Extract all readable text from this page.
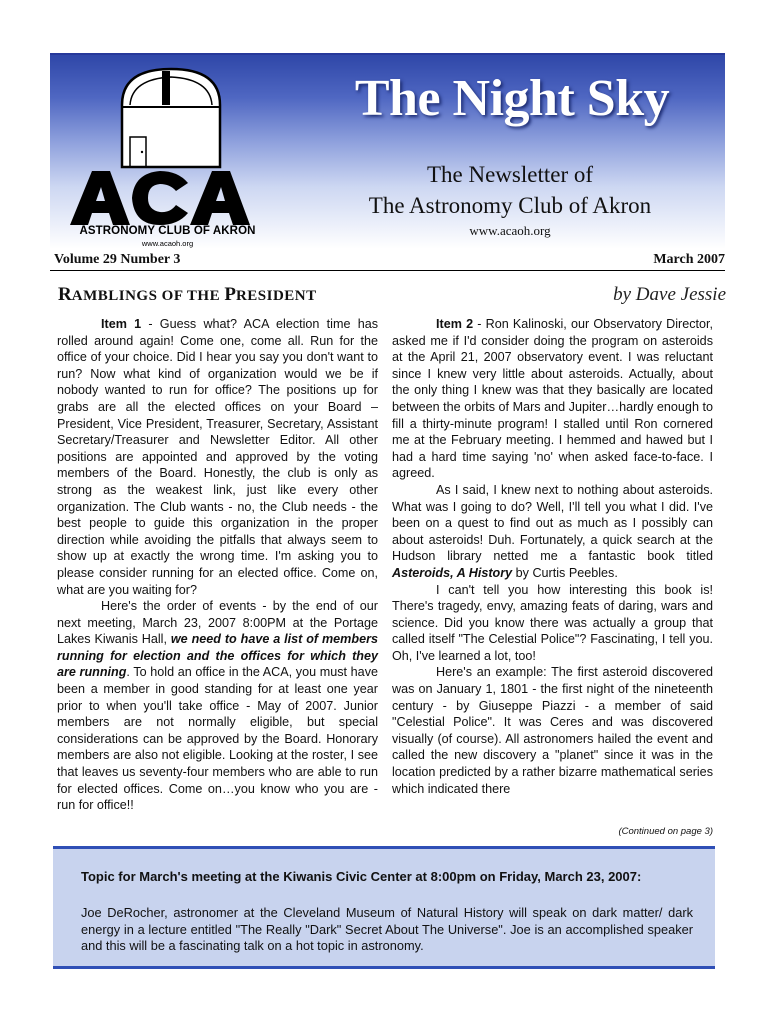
ASTRONOMY CLUB OF AKRON
www.acaoh.org
The Night Sky
The Newsletter of
The Astronomy Club of Akron
www.acaoh.org
Volume 29 Number 3	March 2007
RAMBLINGS OF THE PRESIDENT	by Dave Jessie

Item 1 - Guess what? ACA election time has rolled around again! Come one, come all. Run for the office of your choice. Did I hear you say you don't want to run? Now what kind of organization would we be if nobody wanted to run for office? The positions up for grabs are all the elected offices on your Board – President, Vice President, Treasurer, Secretary, Assistant Secretary/Treasurer and Newsletter Editor. All other positions are appointed and approved by the voting members of the Board. Honestly, the club is only as strong as the weakest link, just like every other organization. The Club wants - no, the Club needs - the best people to guide this organization in the proper direction while avoiding the pitfalls that always seem to show up at exactly the wrong time. I'm asking you to please consider running for an elected office. Come on, what are you waiting for?

Here's the order of events - by the end of our next meeting, March 23, 2007 8:00PM at the Portage Lakes Kiwanis Hall, we need to have a list of members running for election and the offices for which they are running. To hold an office in the ACA, you must have been a member in good standing for at least one year prior to when you'll take office - May of 2007. Junior members are not normally eligible, but special considerations can be approved by the Board. Honorary members are also not eligible. Looking at the roster, I see that leaves us seventy-four members who are able to run for elected offices. Come on…you know who you are - run for office!!

Item 2 - Ron Kalinoski, our Observatory Director, asked me if I'd consider doing the program on asteroids at the April 21, 2007 observatory event. I was reluctant since I knew very little about asteroids. Actually, about the only thing I knew was that they basically are located between the orbits of Mars and Jupiter…hardly enough to fill a thirty-minute program! I stalled until Ron cornered me at the February meeting. I hemmed and hawed but I had a hard time saying 'no' when asked face-to-face. I agreed.

As I said, I knew next to nothing about asteroids. What was I going to do? Well, I'll tell you what I did. I've been on a quest to find out as much as I possibly can about asteroids! Duh. Fortunately, a quick search at the Hudson library netted me a fantastic book titled Asteroids, A History by Curtis Peebles.

I can't tell you how interesting this book is! There's tragedy, envy, amazing feats of daring, wars and science. Did you know there was actually a group that called itself "The Celestial Police"? Fascinating, I tell you. Oh, I've learned a lot, too!

Here's an example: The first asteroid discovered was on January 1, 1801 - the first night of the nineteenth century - by Giuseppe Piazzi - a member of said "Celestial Police". It was Ceres and was discovered visually (of course). All astronomers hailed the event and called the new discovery a "planet" since it was in the location predicted by a rather bizarre mathematical series which indicated there

(Continued on page 3)
Topic for March's meeting at the Kiwanis Civic Center at 8:00pm on Friday, March 23, 2007:
Joe DeRocher, astronomer at the Cleveland Museum of Natural History will speak on dark matter/ dark energy in a lecture entitled "The Really "Dark" Secret About The Universe". Joe is an accomplished speaker and this will be a fascinating talk on a hot topic in astronomy.
